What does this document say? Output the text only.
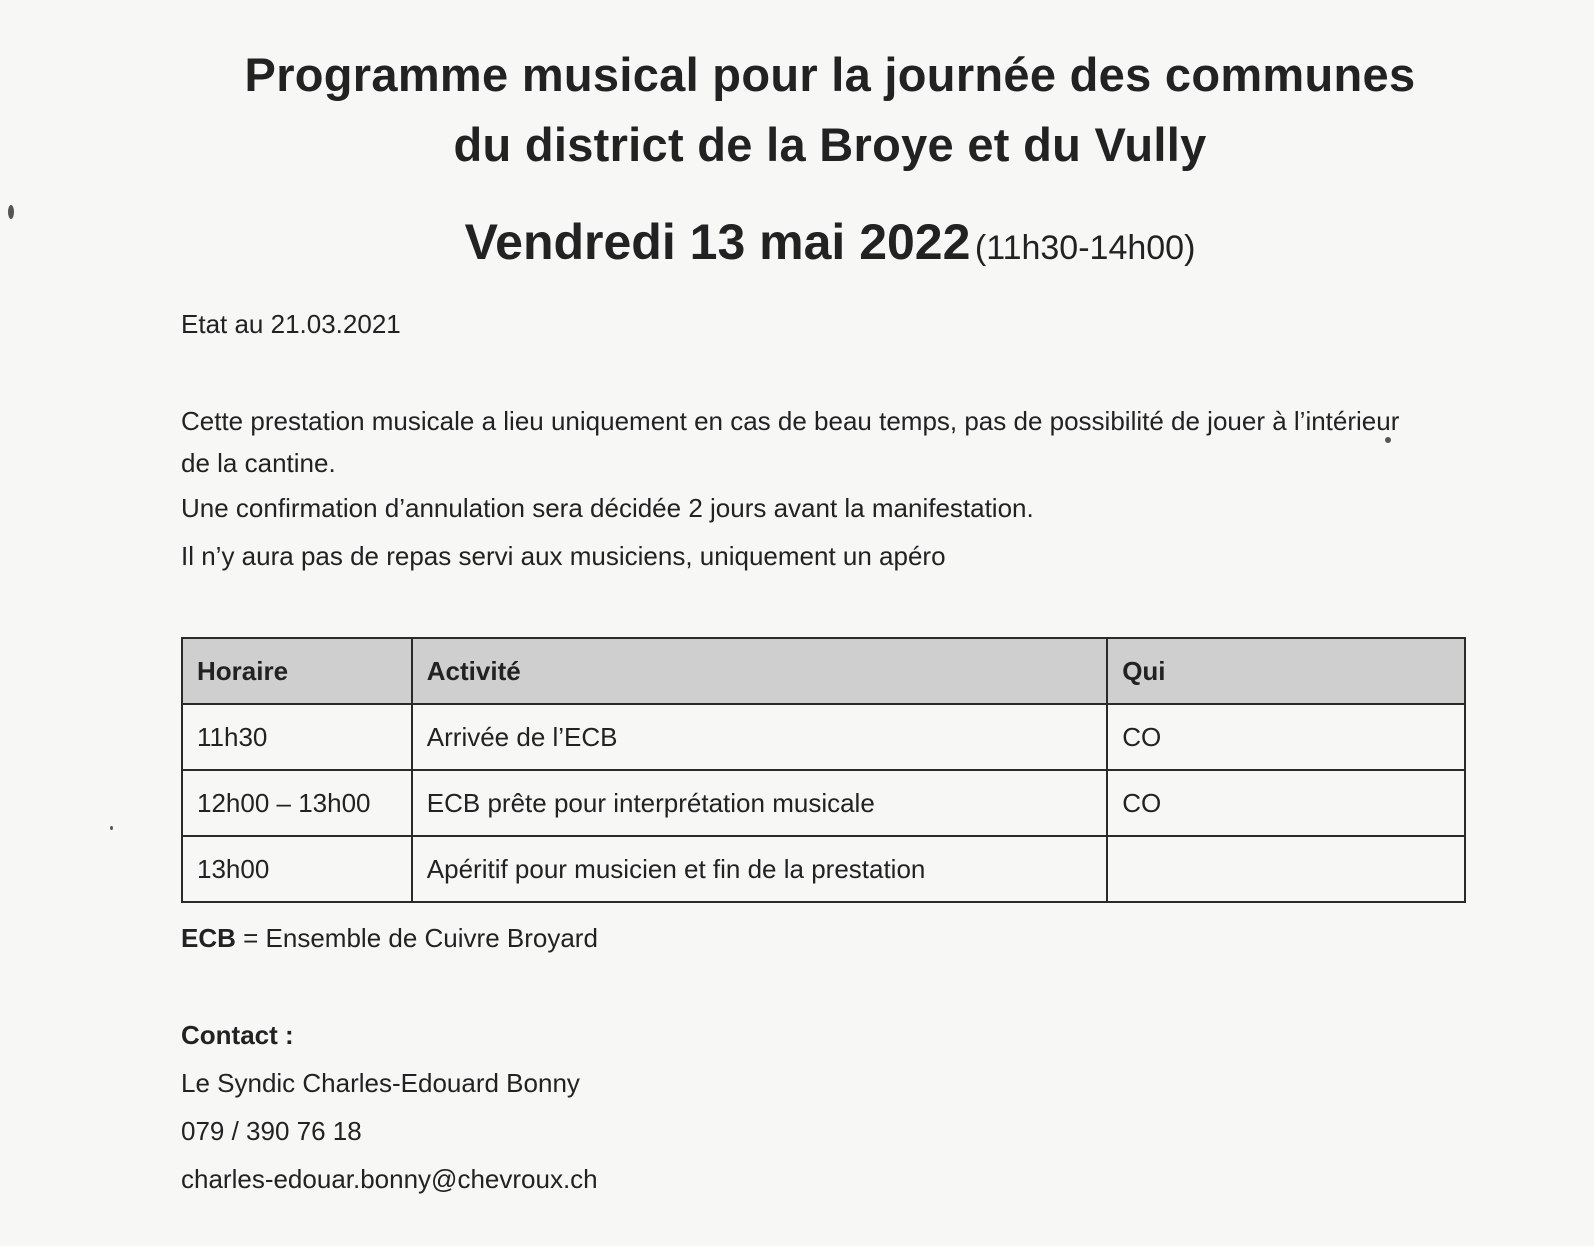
Programme musical pour la journée des communes
du district de la Broye et du Vully
Vendredi 13 mai 2022 (11h30-14h00)
Etat au 21.03.2021
Cette prestation musicale a lieu uniquement en cas de beau temps, pas de possibilité de jouer à l’intérieur de la cantine.
Une confirmation d’annulation sera décidée 2 jours avant la manifestation.
Il n’y aura pas de repas servi aux musiciens, uniquement un apéro
Horaire	Activité	Qui
11h30	Arrivée de l’ECB	CO
12h00 – 13h00	ECB prête pour interprétation musicale	CO
13h00	Apéritif pour musicien et fin de la prestation	
ECB = Ensemble de Cuivre Broyard
Contact :
Le Syndic Charles-Edouard Bonny
079 / 390 76 18
charles-edouar.bonny@chevroux.ch
